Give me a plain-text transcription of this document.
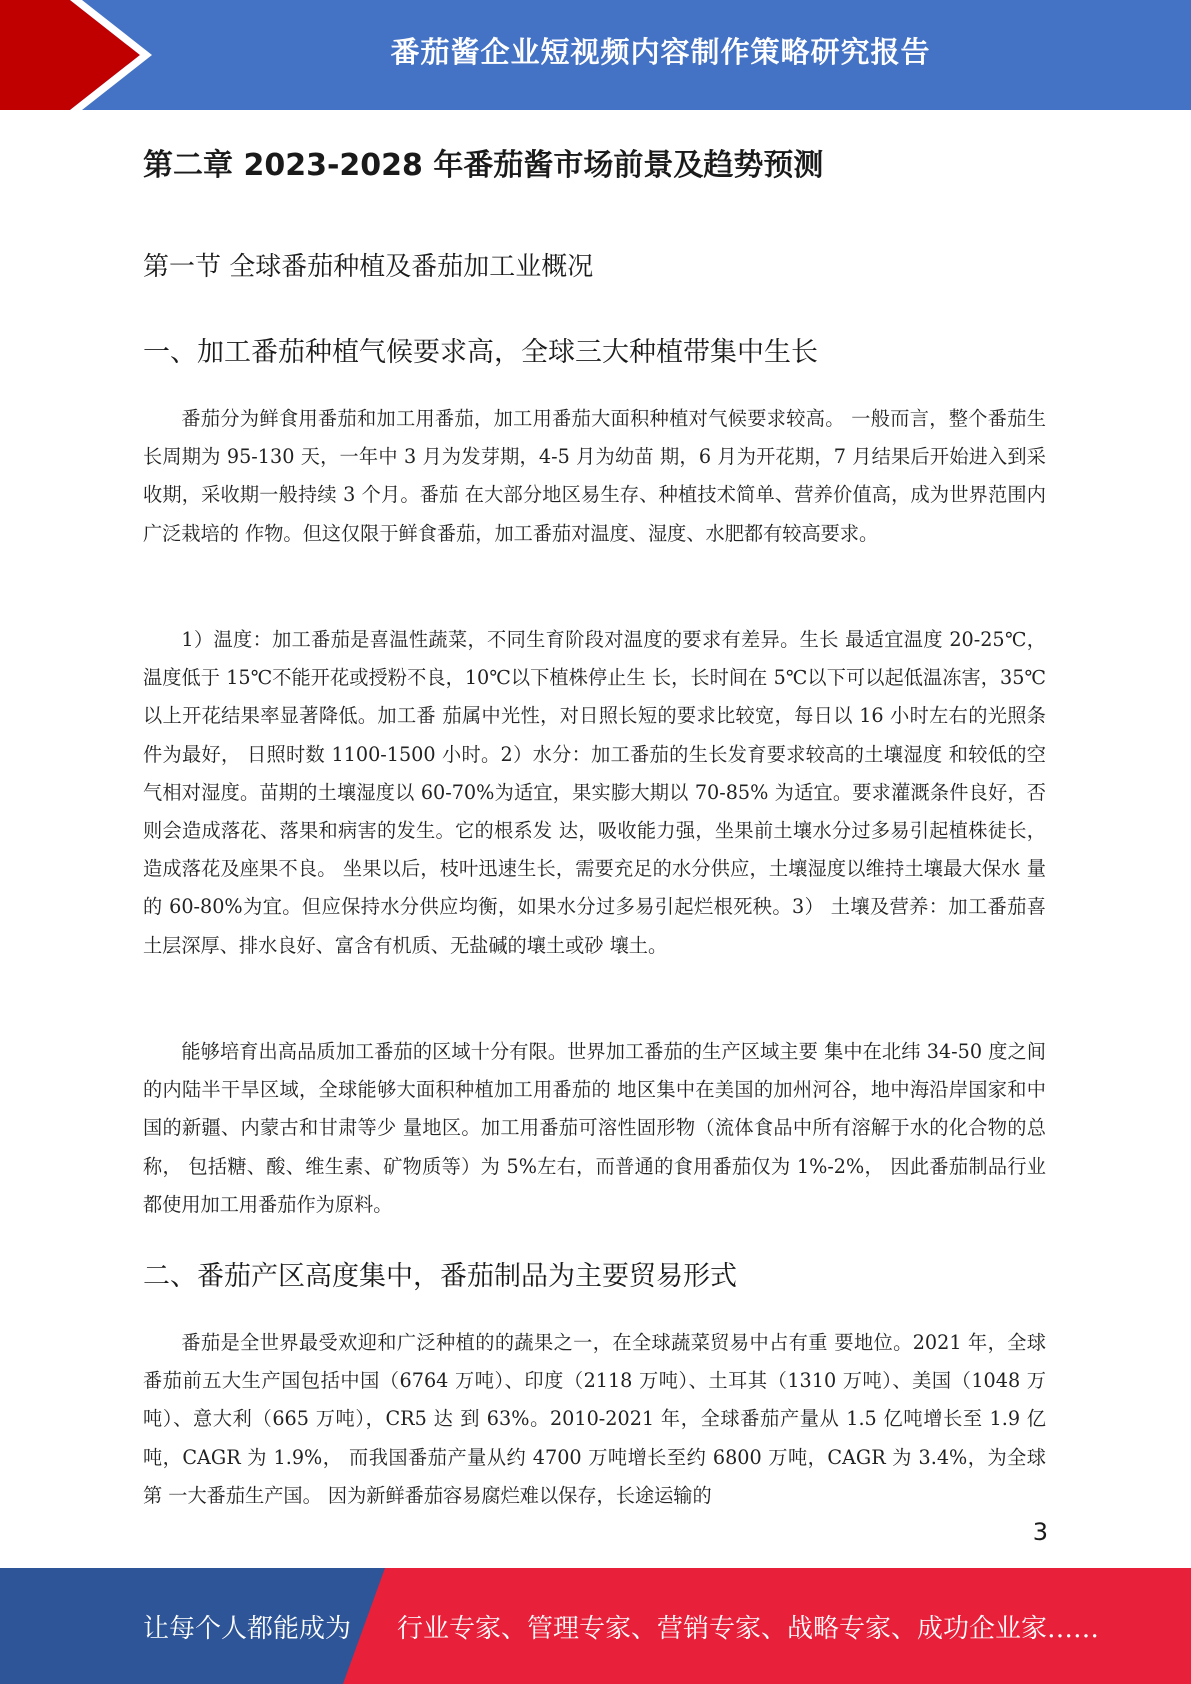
番茄酱企业短视频内容制作策略研究报告
第二章 2023-2028 年番茄酱市场前景及趋势预测
第一节 全球番茄种植及番茄加工业概况
一、加工番茄种植气候要求高，全球三大种植带集中生长

番茄分为鲜食用番茄和加工用番茄，加工用番茄大面积种植对气候要求较高。 一般而言，整个番茄生长周期为 95-130 天，一年中 3 月为发芽期，4-5 月为幼苗 期，6 月为开花期，7 月结果后开始进入到采收期，采收期一般持续 3 个月。番茄 在大部分地区易生存、种植技术简单、营养价值高，成为世界范围内广泛栽培的 作物。但这仅限于鲜食番茄，加工番茄对温度、湿度、水肥都有较高要求。

1）温度：加工番茄是喜温性蔬菜，不同生育阶段对温度的要求有差异。生长 最适宜温度 20-25℃，温度低于 15℃不能开花或授粉不良，10℃以下植株停止生 长，长时间在 5℃以下可以起低温冻害，35℃以上开花结果率显著降低。加工番 茄属中光性，对日照长短的要求比较宽，每日以 16 小时左右的光照条件为最好， 日照时数 1100-1500 小时。2）水分：加工番茄的生长发育要求较高的土壤湿度 和较低的空气相对湿度。苗期的土壤湿度以 60-70%为适宜，果实膨大期以 70-85% 为适宜。要求灌溉条件良好，否则会造成落花、落果和病害的发生。它的根系发 达，吸收能力强，坐果前土壤水分过多易引起植株徒长，造成落花及座果不良。 坐果以后，枝叶迅速生长，需要充足的水分供应，土壤湿度以维持土壤最大保水 量的 60-80%为宜。但应保持水分供应均衡，如果水分过多易引起烂根死秧。3） 土壤及营养：加工番茄喜土层深厚、排水良好、富含有机质、无盐碱的壤土或砂 壤土。

能够培育出高品质加工番茄的区域十分有限。世界加工番茄的生产区域主要 集中在北纬 34-50 度之间的内陆半干旱区域，全球能够大面积种植加工用番茄的 地区集中在美国的加州河谷，地中海沿岸国家和中国的新疆、内蒙古和甘肃等少 量地区。加工用番茄可溶性固形物（流体食品中所有溶解于水的化合物的总称， 包括糖、酸、维生素、矿物质等）为 5%左右，而普通的食用番茄仅为 1%-2%， 因此番茄制品行业都使用加工用番茄作为原料。

二、番茄产区高度集中，番茄制品为主要贸易形式

番茄是全世界最受欢迎和广泛种植的的蔬果之一，在全球蔬菜贸易中占有重 要地位。2021 年，全球番茄前五大生产国包括中国（6764 万吨）、印度（2118 万吨）、土耳其（1310 万吨）、美国（1048 万吨）、意大利（665 万吨），CR5 达 到 63%。2010-2021 年，全球番茄产量从 1.5 亿吨增长至 1.9 亿吨，CAGR 为 1.9%， 而我国番茄产量从约 4700 万吨增长至约 6800 万吨，CAGR 为 3.4%，为全球第 一大番茄生产国。 因为新鲜番茄容易腐烂难以保存，长途运输的

3
让每个人都能成为 行业专家、管理专家、营销专家、战略专家、成功企业家……
